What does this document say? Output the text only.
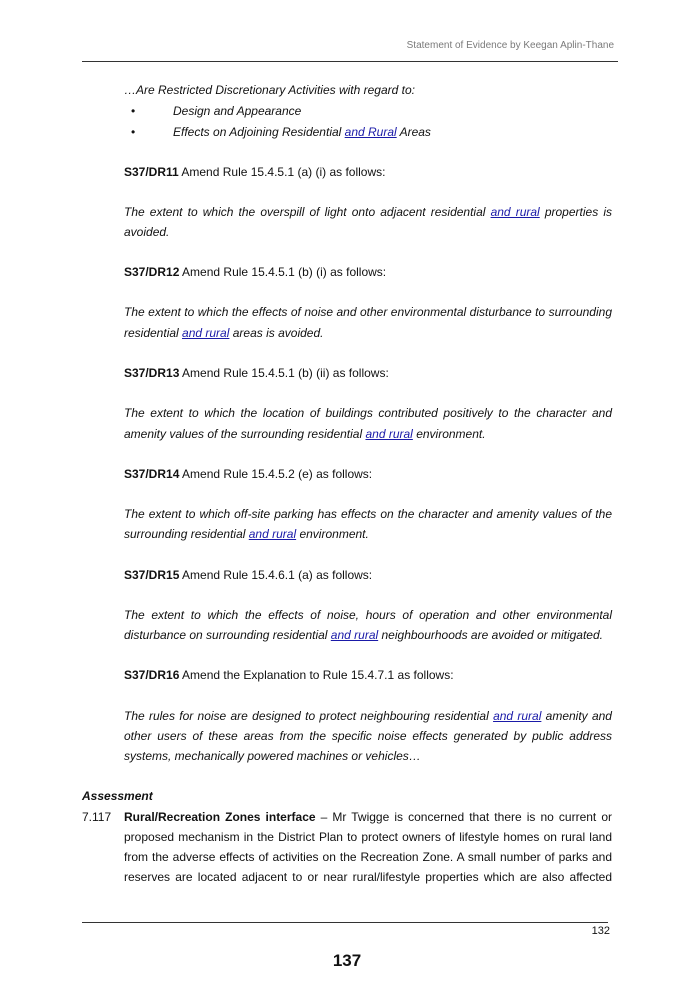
Statement of Evidence by Keegan Aplin-Thane
…Are Restricted Discretionary Activities with regard to:
•	Design and Appearance
•	Effects on Adjoining Residential and Rural Areas
S37/DR11 Amend Rule 15.4.5.1 (a) (i) as follows:
The extent to which the overspill of light onto adjacent residential and rural properties is
avoided.
S37/DR12 Amend Rule 15.4.5.1 (b) (i) as follows:
The extent to which the effects of noise and other environmental disturbance to surrounding
residential and rural areas is avoided.
S37/DR13 Amend Rule 15.4.5.1 (b) (ii) as follows:
The extent to which the location of buildings contributed positively to the character and
amenity values of the surrounding residential and rural environment.
S37/DR14 Amend Rule 15.4.5.2 (e) as follows:
The extent to which off-site parking has effects on the character and amenity values of the
surrounding residential and rural environment.
S37/DR15 Amend Rule 15.4.6.1 (a) as follows:
The extent to which the effects of noise, hours of operation and other environmental
disturbance on surrounding residential and rural neighbourhoods are avoided or mitigated.
S37/DR16 Amend the Explanation to Rule 15.4.7.1 as follows:
The rules for noise are designed to protect neighbouring residential and rural amenity and
other users of these areas from the specific noise effects generated by public address
systems, mechanically powered machines or vehicles…
Assessment
7.117 Rural/Recreation Zones interface – Mr Twigge is concerned that there is no current or
proposed mechanism in the District Plan to protect owners of lifestyle homes on rural land
from the adverse effects of activities on the Recreation Zone. A small number of parks and
reserves are located adjacent to or near rural/lifestyle properties which are also affected
132
137
